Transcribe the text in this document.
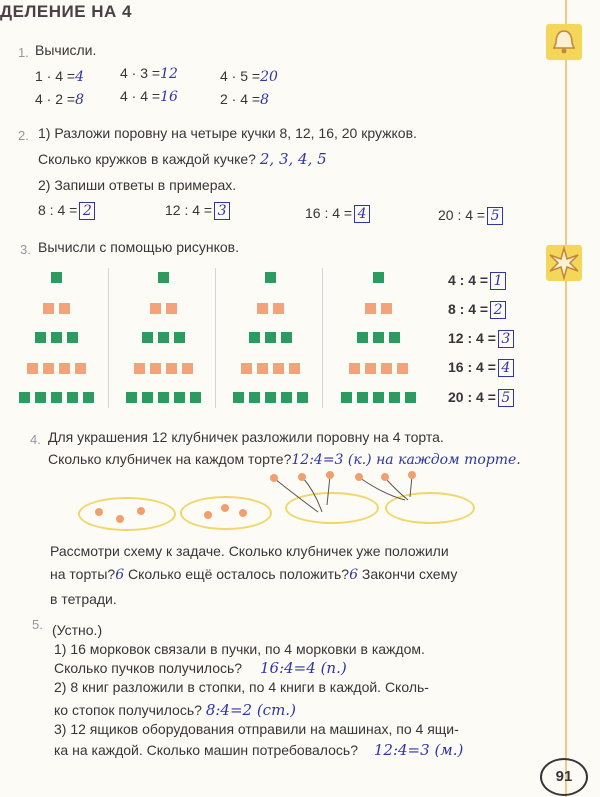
ДЕЛЕНИЕ НА 4
1. Вычисли.
1 · 4 =4
4 · 2 =8
4 · 3 =12
4 · 4 =16
4 · 5 =20
2 · 4 =8
2. 1) Разложи поровну на четыре кучки 8, 12, 16, 20 кружков.
Сколько кружков в каждой кучке? 2, 3, 4, 5
2) Запиши ответы в примерах.
8 : 4 = 2	12 : 4 = 3	16 : 4 = 4	20 : 4 = 5
3. Вычисли с помощью рисунков.
4 : 4 = 1
8 : 4 = 2
12 : 4 = 3
16 : 4 = 4
20 : 4 = 5
4. Для украшения 12 клубничек разложили поровну на 4 торта.
Сколько клубничек на каждом торте?12:4=3 (к.) на каждом торте.
Рассмотри схему к задаче. Сколько клубничек уже положили
на торты?6 Сколько ещё осталось положить?6 Закончи схему
в тетради.
5. (Устно.)
1) 16 морковок связали в пучки, по 4 морковки в каждом.
Сколько пучков получилось? 16:4=4 (п.)
2) 8 книг разложили в стопки, по 4 книги в каждой. Сколь-
ко стопок получилось? 8:4=2 (ст.)
3) 12 ящиков оборудования отправили на машинах, по 4 ящи-
ка на каждой. Сколько машин потребовалось? 12:4=3 (м.)
91
